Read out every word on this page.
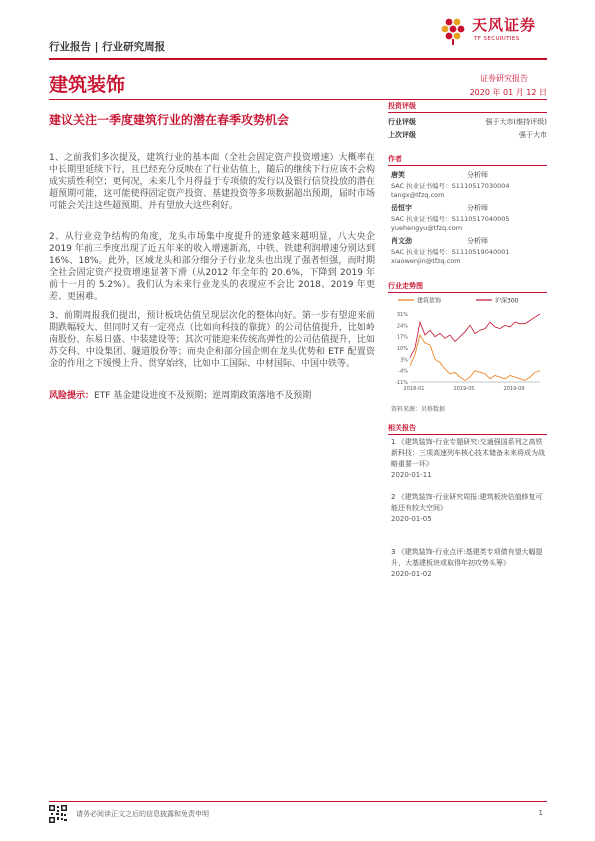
天风证券
TF SECURITIES
行业报告 | 行业研究周报
建筑装饰	证券研究报告
2020 年 01 月 12 日
建议关注一季度建筑行业的潜在春季攻势机会
1、之前我们多次提及，建筑行业的基本面（全社会固定资产投资增速）大概率在中长期里延续下行，且已经充分反映在了行业估值上，随后的继续下行应该不会构成实质性利空；更何况，未来几个月得益于专项债的发行以及银行信贷投放的潜在超预期可能，这可能使得固定资产投资、基建投资等多项数据超出预期，届时市场可能会关注这些超预期、并有望放大这些利好。
2、从行业竞争结构的角度，龙头市场集中度提升的迹象越来越明显，八大央企 2019 年前三季度出现了近五年来的收入增速新高，中铁、铁建利润增速分别达到 16%、18%。此外，区域龙头和部分细分子行业龙头也出现了强者恒强，而时期全社会固定资产投资增速显著下滑（从2012 年全年的 20.6%，下降到 2019 年前十一月的 5.2%）。我们认为未来行业龙头的表现应不会比 2018、2019 年更差、更困难。
3、前期周报我们提出，预计板块估值呈现层次化的整体向好。第一步有望迎来前期跌幅较大、但同时又有一定亮点（比如向科技的靠拢）的公司估值提升，比如岭南股份、东易日盛、中装建设等；其次可能迎来传统高弹性的公司估值提升，比如苏交科、中设集团、隧道股份等；而央企和部分国企则在龙头优势和 ETF 配置资金的作用之下缓慢上升、贯穿始终，比如中工国际、中材国际、中国中铁等。
风险提示：ETF 基金建设进度不及预期；逆周期政策落地不及预期
投资评级
行业评级	强于大市(维持评级)
上次评级	强于大市
作者
唐笑	分析师
SAC 执业证书编号：S1110517030004
tangx@tfzq.com
岳恒宇	分析师
SAC 执业证书编号：S1110517040005
yuehengyu@tfzq.com
肖文劲	分析师
SAC 执业证书编号：S1110519040001
xiaowenjin@tfzq.com
行业走势图
建筑装饰	沪深300
31%
24%
17%
10%
3%
-4%
-11%
2018-01	2019-05	2019-09
资料来源：贝格数据
相关报告
1 《建筑装饰-行业专题研究:交通强国系列之高铁新科技：三项高速列车核心技术储备未来将成为战略重要一环》
2020-01-11
2 《建筑装饰-行业研究周报:建筑板块估值修复可能还有较大空间》
2020-01-05
3 《建筑装饰-行业点评:基建类专项债有望大幅提升，大基建板块或取得年初攻势头筹》
2020-01-02
请务必阅读正文之后的信息披露和免责申明	1
